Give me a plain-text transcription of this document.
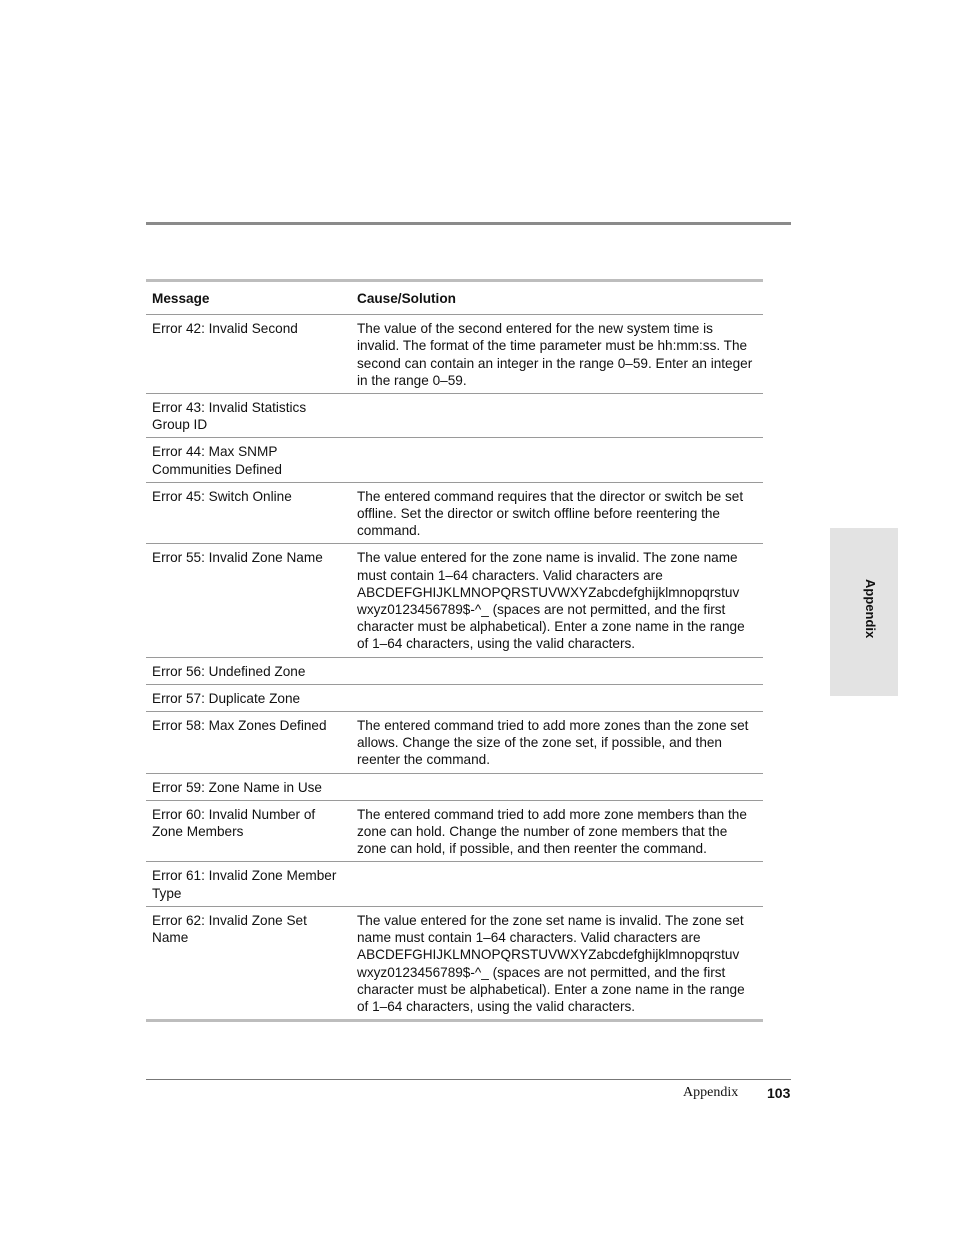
Message	Cause/Solution
Error 42: Invalid Second	The value of the second entered for the new system time is invalid. The format of the time parameter must be hh:mm:ss. The second can contain an integer in the range 0–59. Enter an integer in the range 0–59.
Error 43: Invalid Statistics Group ID	
Error 44: Max SNMP Communities Defined	
Error 45: Switch Online	The entered command requires that the director or switch be set offline. Set the director or switch offline before reentering the command.
Error 55: Invalid Zone Name	The value entered for the zone name is invalid. The zone name must contain 1–64 characters. Valid characters are ABCDEFGHIJKLMNOPQRSTUVWXYZabcdefghijklmnopqrstuv wxyz0123456789$-^_ (spaces are not permitted, and the first character must be alphabetical). Enter a zone name in the range of 1–64 characters, using the valid characters.
Error 56: Undefined Zone	
Error 57: Duplicate Zone	
Error 58: Max Zones Defined	The entered command tried to add more zones than the zone set allows. Change the size of the zone set, if possible, and then reenter the command.
Error 59: Zone Name in Use	
Error 60: Invalid Number of Zone Members	The entered command tried to add more zone members than the zone can hold. Change the number of zone members that the zone can hold, if possible, and then reenter the command.
Error 61: Invalid Zone Member Type	
Error 62: Invalid Zone Set Name	The value entered for the zone set name is invalid. The zone set name must contain 1–64 characters. Valid characters are ABCDEFGHIJKLMNOPQRSTUVWXYZabcdefghijklmnopqrstuv wxyz0123456789$-^_ (spaces are not permitted, and the first character must be alphabetical). Enter a zone name in the range of 1–64 characters, using the valid characters.
Appendix
Appendix 103
